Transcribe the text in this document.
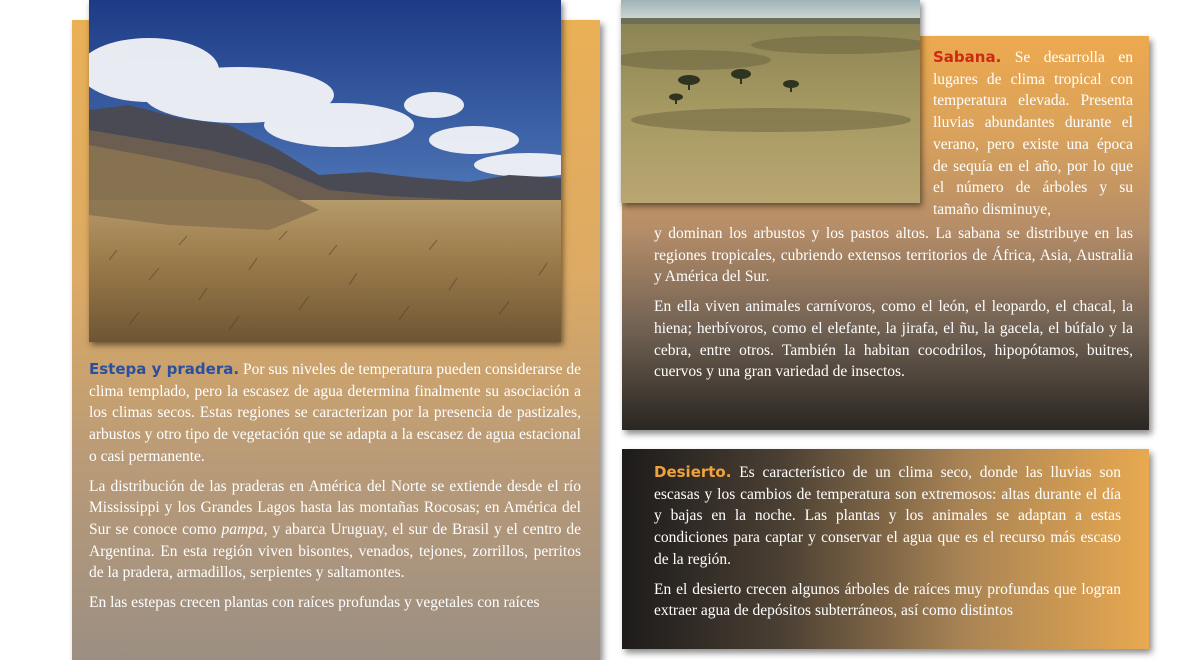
Estepa y pradera. Por sus niveles de temperatura pueden considerarse de clima templado, pero la escasez de agua determina finalmente su asociación a los climas secos. Estas regiones se caracterizan por la presencia de pastizales, arbustos y otro tipo de vegetación que se adapta a la escasez de agua estacional o casi permanente.

La distribución de las praderas en América del Norte se extiende desde el río Mississippi y los Grandes Lagos hasta las montañas Rocosas; en América del Sur se conoce como pampa, y abarca Uruguay, el sur de Brasil y el centro de Argentina. En esta región viven bisontes, venados, tejones, zorrillos, perritos de la pradera, armadillos, serpientes y saltamontes.

En las estepas crecen plantas con raíces profundas y vegetales con raíces

Sabana. Se desarrolla en lugares de clima tropical con temperatura elevada. Presenta lluvias abundantes durante el verano, pero existe una época de sequía en el año, por lo que el número de árboles y su tamaño disminuye,

y dominan los arbustos y los pastos altos. La sabana se distribuye en las regiones tropicales, cubriendo extensos territorios de África, Asia, Australia y América del Sur.

En ella viven animales carnívoros, como el león, el leopardo, el chacal, la hiena; herbívoros, como el elefante, la jirafa, el ñu, la gacela, el búfalo y la cebra, entre otros. También la habitan cocodrilos, hipopótamos, buitres, cuervos y una gran variedad de insectos.

Desierto. Es característico de un clima seco, donde las lluvias son escasas y los cambios de temperatura son extremosos: altas durante el día y bajas en la noche. Las plantas y los animales se adaptan a estas condiciones para captar y conservar el agua que es el recurso más escaso de la región.

En el desierto crecen algunos árboles de raíces muy profundas que logran extraer agua de depósitos subterráneos, así como distintos
